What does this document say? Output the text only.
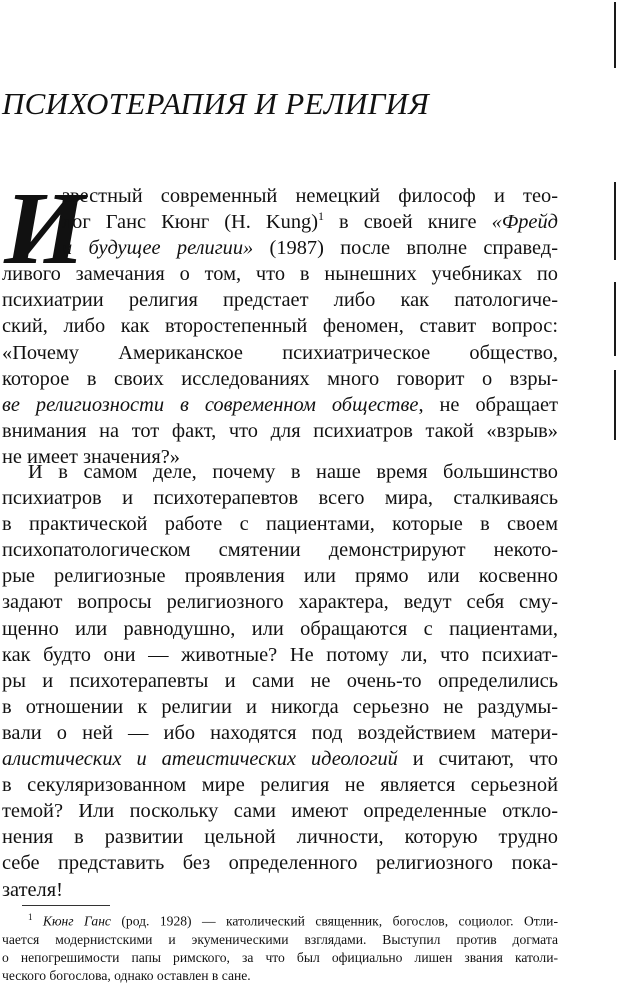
ПСИХОТЕРАПИЯ И РЕЛИГИЯ
И
звестный современный немецкий философ и тео-
лог Ганс Кюнг (H. Kung)$^1$ в своей книге «Фрейд
и будущее религии» (1987) после вполне справед-
ливого замечания о том, что в нынешних учебниках по
психиатрии религия предстает либо как патологиче-
ский, либо как второстепенный феномен, ставит вопрос:
«Почему Американское психиатрическое общество,
которое в своих исследованиях много говорит о взры-
ве религиозности в современном обществе, не обращает
внимания на тот факт, что для психиатров такой «взрыв»
не имеет значения?»
И в самом деле, почему в наше время большинство
психиатров и психотерапевтов всего мира, сталкиваясь
в практической работе с пациентами, которые в своем
психопатологическом смятении демонстрируют некото-
рые религиозные проявления или прямо или косвенно
задают вопросы религиозного характера, ведут себя сму-
щенно или равнодушно, или обращаются с пациентами,
как будто они — животные? Не потому ли, что психиат-
ры и психотерапевты и сами не очень-то определились
в отношении к религии и никогда серьезно не раздумы-
вали о ней — ибо находятся под воздействием матери-
алистических и атеистических идеологий и считают, что
в секуляризованном мире религия не является серьезной
темой? Или поскольку сами имеют определенные откло-
нения в развитии цельной личности, которую трудно
себе представить без определенного религиозного пока-
зателя!
$^1$ Кюнг Ганс (род. 1928) — католический священник, богослов, социолог. Отли-
чается модернистскими и экуменическими взглядами. Выступил против догмата
о непогрешимости папы римского, за что был официально лишен звания католи-
ческого богослова, однако оставлен в сане.
